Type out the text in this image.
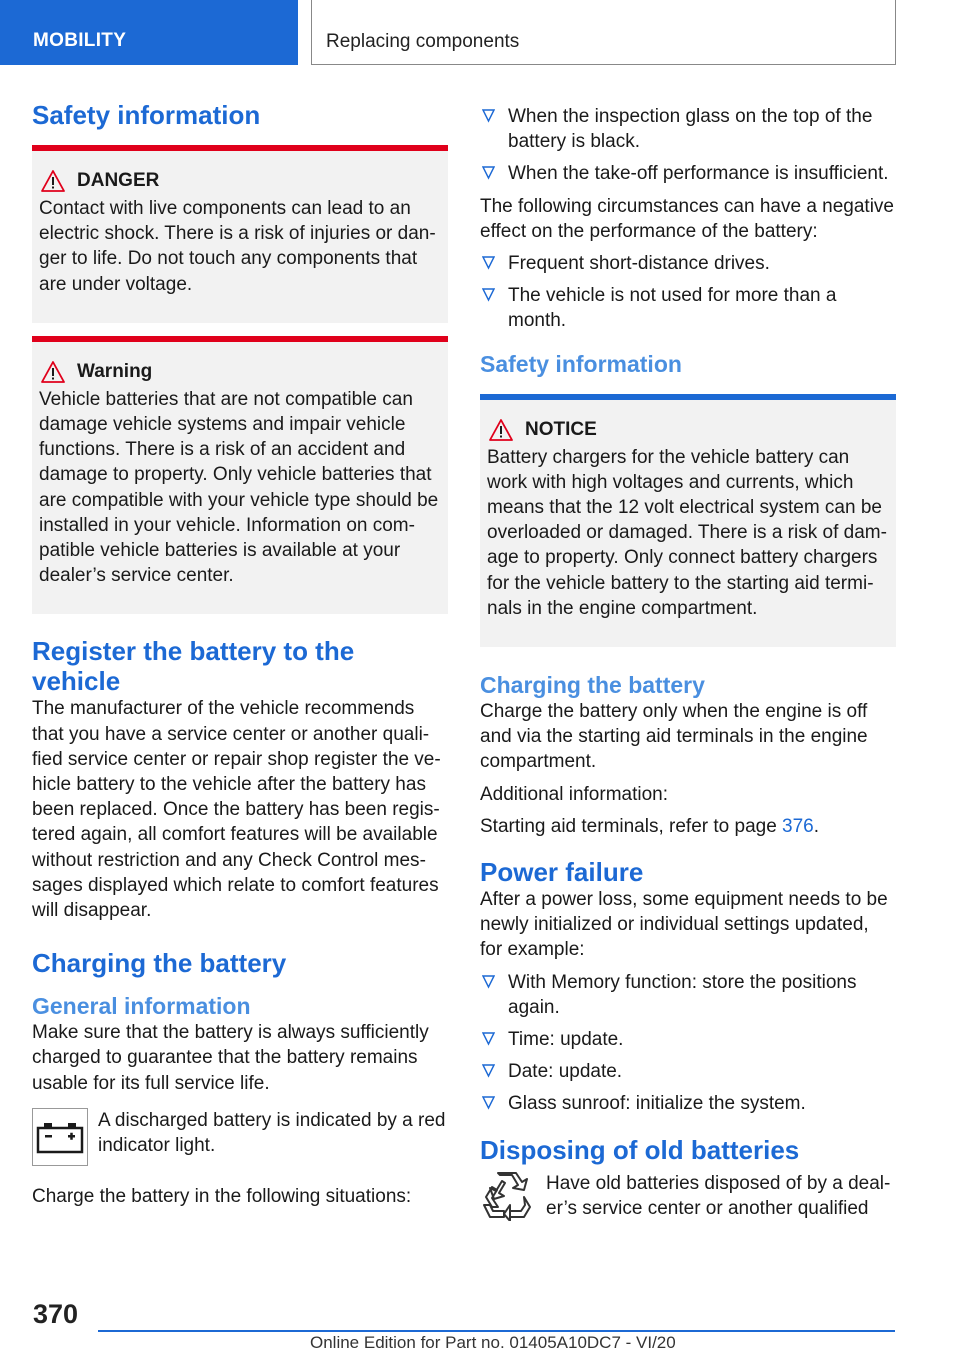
MOBILITY	Replacing components
Safety information
DANGER

Contact with live components can lead to an electric shock. There is a risk of injuries or danger to life. Do not touch any components that are under voltage.

Warning

Vehicle batteries that are not compatible can damage vehicle systems and impair vehicle functions. There is a risk of an accident and damage to property. Only vehicle batteries that are compatible with your vehicle type should be installed in your vehicle. Information on compatible vehicle batteries is available at your dealer’s service center.

Register the battery to the vehicle

The manufacturer of the vehicle recommends that you have a service center or another qualified service center or repair shop register the vehicle battery to the vehicle after the battery has been replaced. Once the battery has been registered again, all comfort features will be available without restriction and any Check Control messages displayed which relate to comfort features will disappear.

Charging the battery
General information

Make sure that the battery is always sufficiently charged to guarantee that the battery remains usable for its full service life.

A discharged battery is indicated by a red indicator light.

Charge the battery in the following situations:

When the inspection glass on the top of the battery is black.
When the take-off performance is insufficient.

The following circumstances can have a negative effect on the performance of the battery:

Frequent short-distance drives.
The vehicle is not used for more than a month.
Safety information
NOTICE

Battery chargers for the vehicle battery can work with high voltages and currents, which means that the 12 volt electrical system can be overloaded or damaged. There is a risk of damage to property. Only connect battery chargers for the vehicle battery to the starting aid terminals in the engine compartment.

Charging the battery

Charge the battery only when the engine is off and via the starting aid terminals in the engine compartment.

Additional information:

Starting aid terminals, refer to page 376.

Power failure

After a power loss, some equipment needs to be newly initialized or individual settings updated, for example:

With Memory function: store the positions again.
Time: update.
Date: update.
Glass sunroof: initialize the system.
Disposing of old batteries

Have old batteries disposed of by a dealer’s service center or another qualified

370
Online Edition for Part no. 01405A10DC7 - VI/20
